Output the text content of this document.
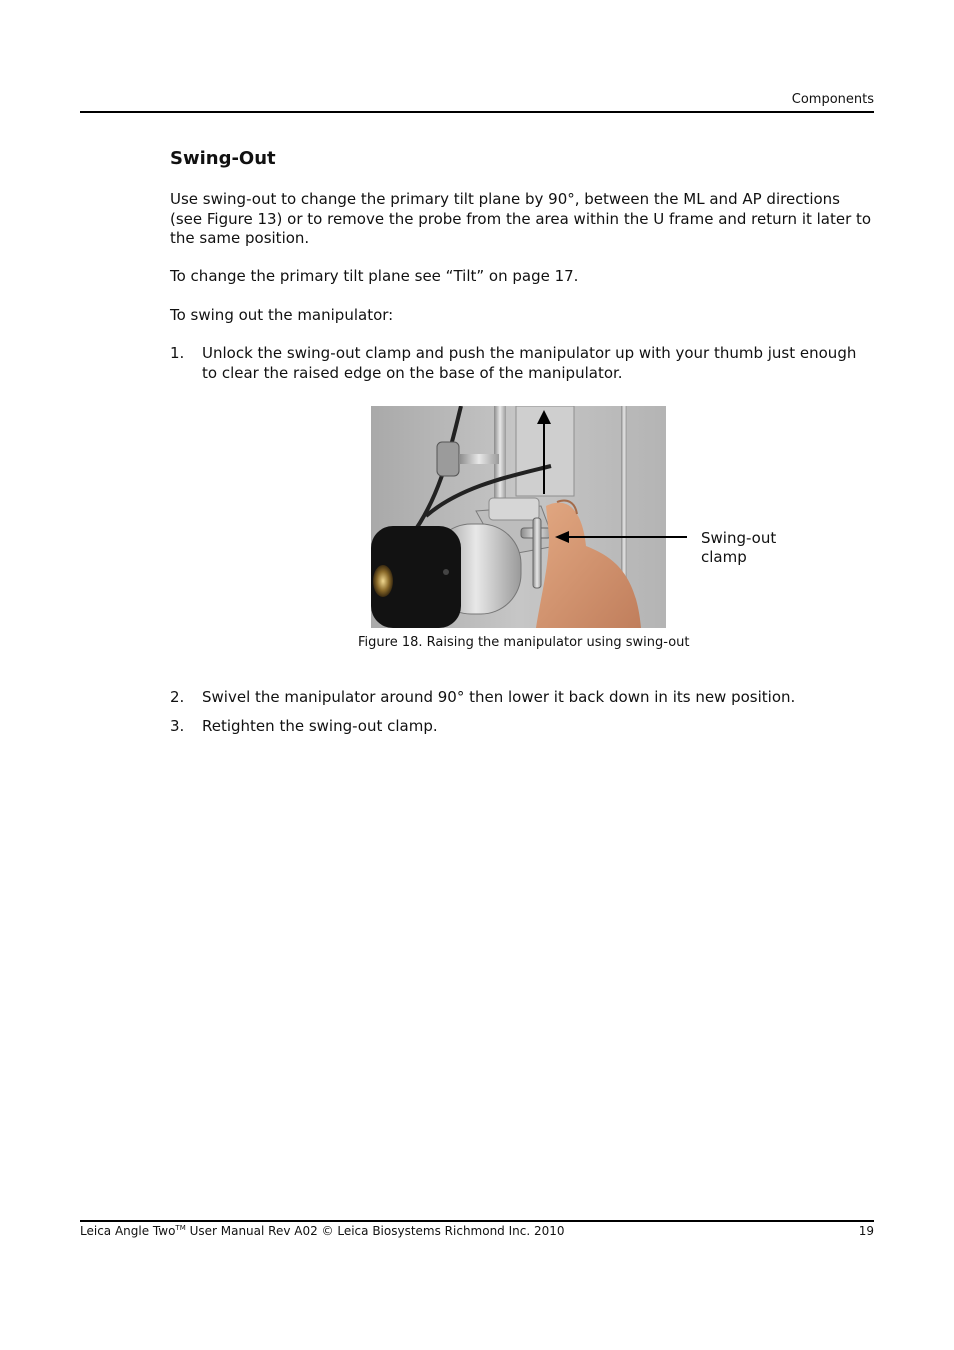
Components
Swing-Out

Use swing-out to change the primary tilt plane by 90°, between the ML and AP directions (see Figure 13) or to remove the probe from the area within the U frame and return it later to the same position.

To change the primary tilt plane see “Tilt” on page 17.

To swing out the manipulator:

1. Unlock the swing-out clamp and push the manipulator up with your thumb just enough to clear the raised edge on the base of the manipulator.
Swing-out
clamp
Figure 18. Raising the manipulator using swing-out
2. Swivel the manipulator around 90° then lower it back down in its new position.
3. Retighten the swing-out clamp.
Leica Angle Two™ User Manual Rev A02 © Leica Biosystems Richmond Inc. 2010	19
